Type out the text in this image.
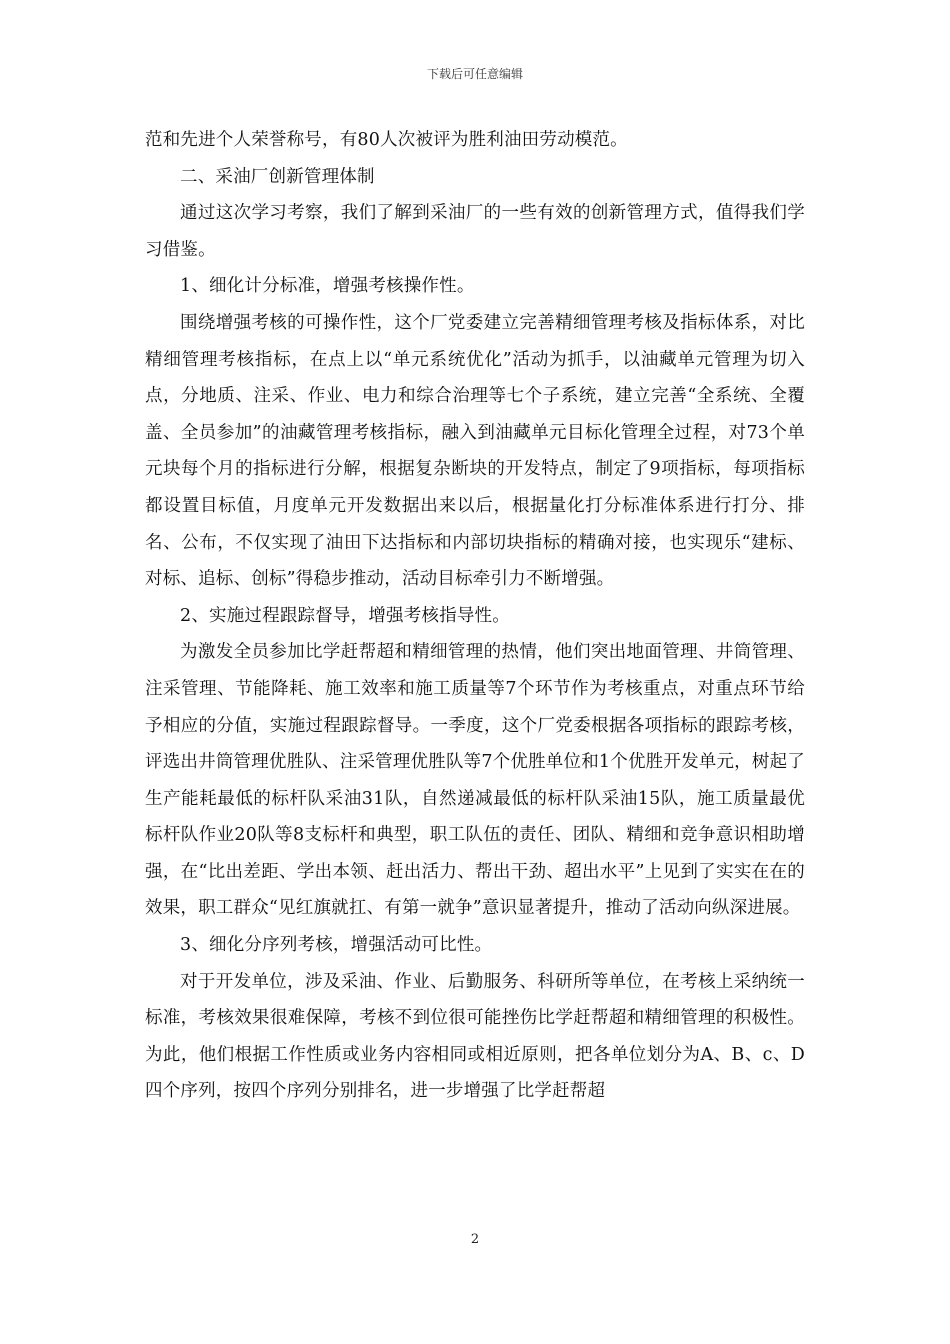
下载后可任意编辑

范和先进个人荣誉称号，有80人次被评为胜利油田劳动模范。

二、采油厂创新管理体制

通过这次学习考察，我们了解到采油厂的一些有效的创新管理方式，值得我们学习借鉴。

1、细化计分标准，增强考核操作性。

围绕增强考核的可操作性，这个厂党委建立完善精细管理考核及指标体系，对比精细管理考核指标，在点上以“单元系统优化”活动为抓手，以油藏单元管理为切入点，分地质、注采、作业、电力和综合治理等七个子系统，建立完善“全系统、全覆盖、全员参加”的油藏管理考核指标，融入到油藏单元目标化管理全过程，对73个单元块每个月的指标进行分解，根据复杂断块的开发特点，制定了9项指标，每项指标都设置目标值，月度单元开发数据出来以后，根据量化打分标准体系进行打分、排名、公布，不仅实现了油田下达指标和内部切块指标的精确对接，也实现乐“建标、对标、追标、创标”得稳步推动，活动目标牵引力不断增强。

2、实施过程跟踪督导，增强考核指导性。

为激发全员参加比学赶帮超和精细管理的热情，他们突出地面管理、井筒管理、注采管理、节能降耗、施工效率和施工质量等7个环节作为考核重点，对重点环节给予相应的分值，实施过程跟踪督导。一季度，这个厂党委根据各项指标的跟踪考核，评选出井筒管理优胜队、注采管理优胜队等7个优胜单位和1个优胜开发单元，树起了生产能耗最低的标杆队采油31队，自然递减最低的标杆队采油15队，施工质量最优标杆队作业20队等8支标杆和典型，职工队伍的责任、团队、精细和竞争意识相助增强，在“比出差距、学出本领、赶出活力、帮出干劲、超出水平”上见到了实实在在的效果，职工群众“见红旗就扛、有第一就争”意识显著提升，推动了活动向纵深进展。

3、细化分序列考核，增强活动可比性。

对于开发单位，涉及采油、作业、后勤服务、科研所等单位，在考核上采纳统一标准，考核效果很难保障，考核不到位很可能挫伤比学赶帮超和精细管理的积极性。为此，他们根据工作性质或业务内容相同或相近原则，把各单位划分为A、B、c、D四个序列，按四个序列分别排名，进一步增强了比学赶帮超

2
